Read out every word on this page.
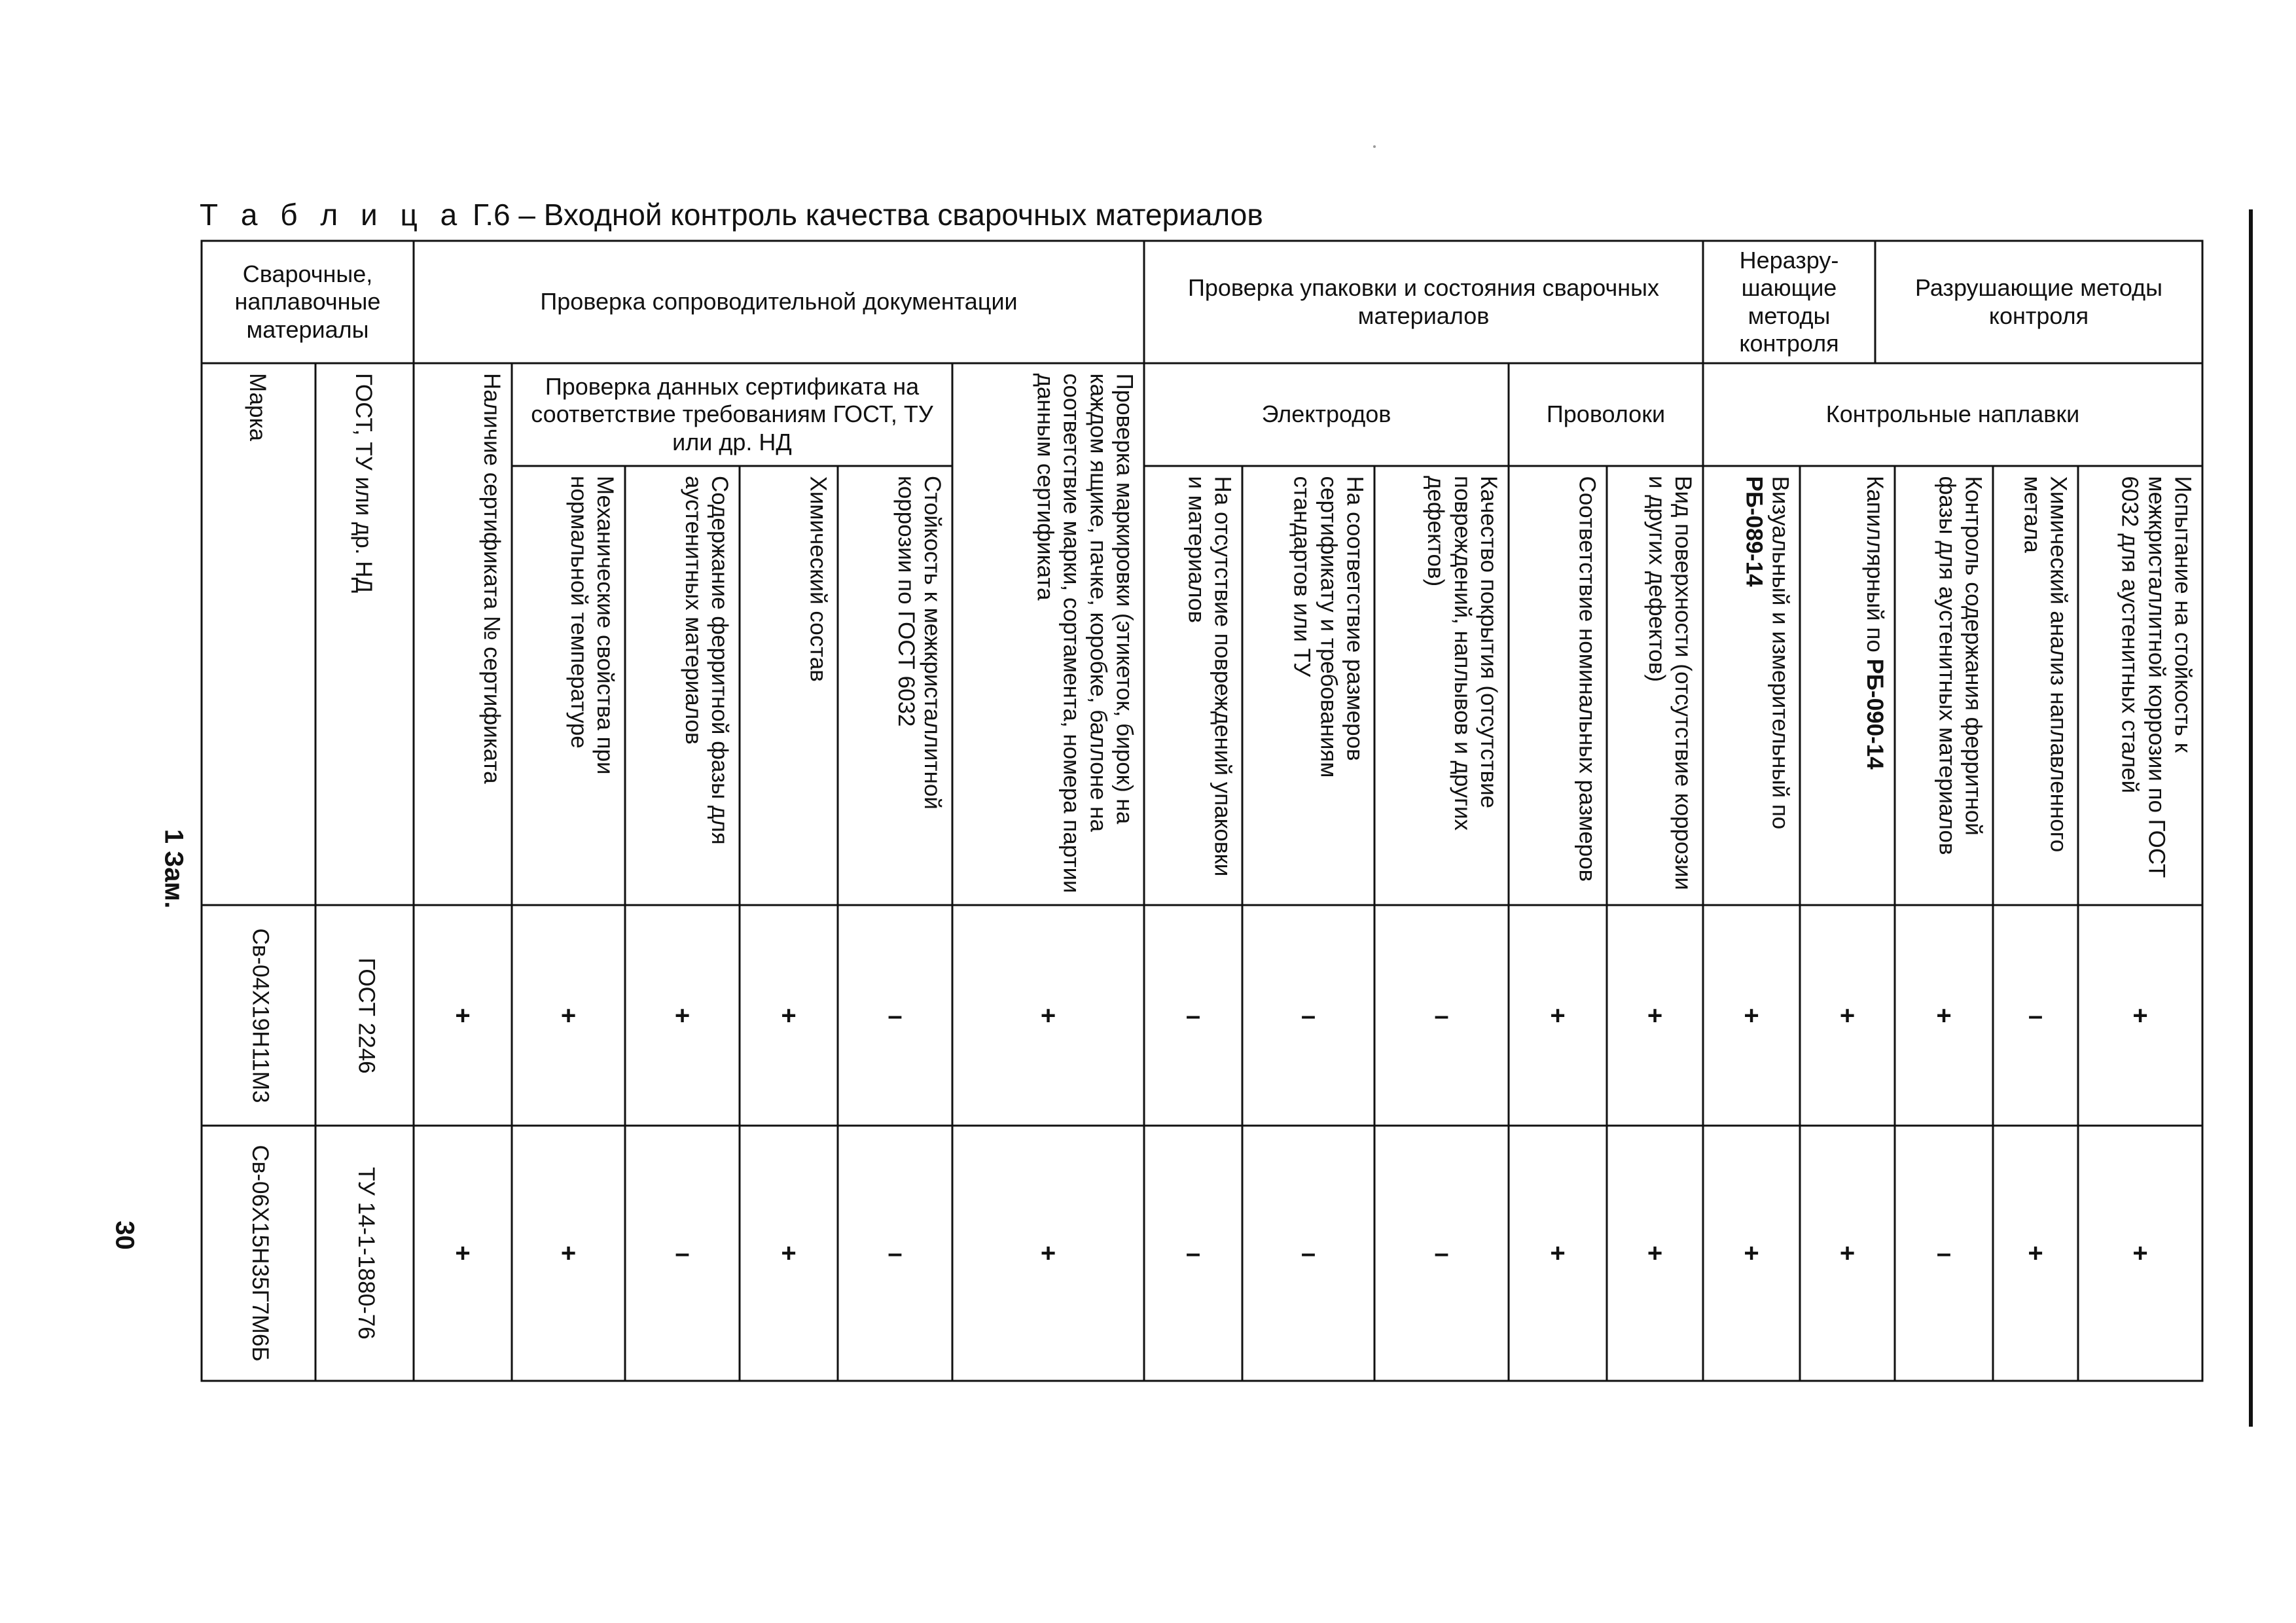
Т а б л и ц а Г.6 – Входной контроль качества сварочных материалов
1 Зам.
30
Сварочные, наплавочные материалы
Проверка сопроводительной документации
Проверка упаковки и состояния сварочных материалов
Неразру-шающие методы контроля
Разрушающие методы контроля
Проверка данных сертификата на соответствие требованиям ГОСТ, ТУ или др. НД
Электродов	Проволоки	Контрольные наплавки
Марка	ГОСТ, ТУ или др. НД	Наличие сертификата № сертификата	Механические свойства при нормальной температуре	Содержание ферритной фазы для аустенитных материалов	Химический состав	Стойкость к межкристаллитной коррозии по ГОСТ 6032	Проверка маркировки (этикеток, бирок) на каждом ящике, пачке, коробке, баллоне на соответствие марки, сортамента, номера партии данным сертификата	На отсутствие повреждений упаковки и материалов	На соответствие размеров сертификату и требованиям стандартов или ТУ	Качество покрытия (отсутствие повреждений, наплывов и других дефектов)	Соответствие номинальных размеров	Вид поверхности (отсутствие коррозии и других дефектов)	Визуальный и измерительный по РБ-089-14	Капиллярный по РБ-090-14	Контроль содержания ферритной фазы для аустенитных материалов	Химический анализ наплавленного метала	Испытание на стойкость к межкристаллитной коррозии по ГОСТ 6032 для аустенитных сталей
Св-04Х19Н11М3	ГОСТ 2246	+	+	+	+	–	+	–	–	–	+	+	+	+	+	–	+
Св-06Х15Н35Г7М6Б	ТУ 14-1-1880-76	+	+	–	+	–	+	–	–	–	+	+	+	+	–	+	+
